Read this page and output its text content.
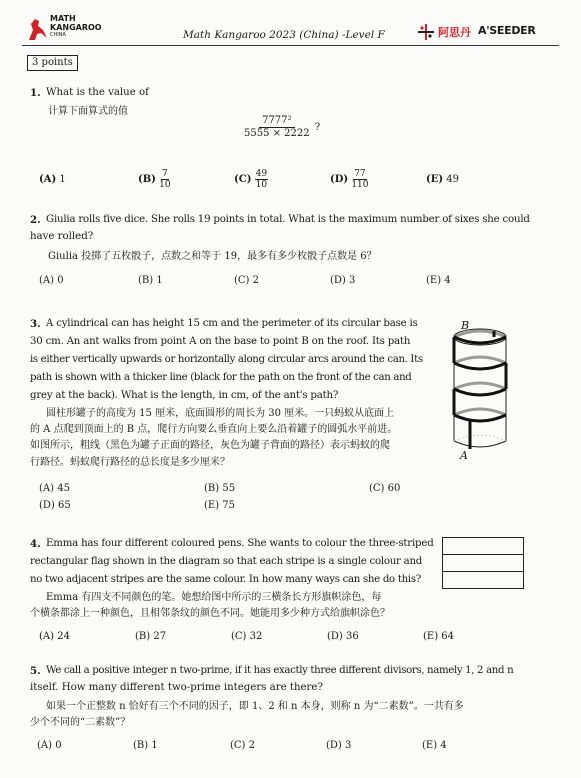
MATH
KANGAROO
CHINA	Math Kangaroo 2023 (China) -Level F	阿思丹 A'SEEDER
3 points
1. What is the value of
计算下面算式的值
$\frac{\text{7777²}}{5555 \times 2222}$ ?
(A) 1	$(B) \frac{7}{10}$	$(C) \frac{49}{10}$	$(D) \frac{77}{110}$	(E) 49
2. Giulia rolls five dice. She rolls 19 points in total. What is the maximum number of sixes she could
have rolled?
Giulia 投掷了五枚骰子，点数之和等于 19，最多有多少枚骰子点数是 6？
(A) 0	(B) 1	(C) 2	(D) 3	(E) 4
3. A cylindrical can has height 15 cm and the perimeter of its circular base is
30 cm. An ant walks from point A on the base to point B on the roof. Its path
is either vertically upwards or horizontally along circular arcs around the can. Its
path is shown with a thicker line (black for the path on the front of the can and
grey at the back). What is the length, in cm, of the ant's path?
圆柱形罐子的高度为 15 厘米，底面圆形的周长为 30 厘米。一只蚂蚁从底面上
的 A 点爬到顶面上的 B 点，爬行方向要么垂直向上要么沿着罐子的圆弧水平前进。
如图所示，粗线（黑色为罐子正面的路径，灰色为罐子背面的路径）表示蚂蚁的爬
行路径。蚂蚁爬行路径的总长度是多少厘米？
B
A
(A) 45	(B) 55	(C) 60
(D) 65	(E) 75
4. Emma has four different coloured pens. She wants to colour the three-striped
rectangular flag shown in the diagram so that each stripe is a single colour and
no two adjacent stripes are the same colour. In how many ways can she do this?
Emma 有四支不同颜色的笔。她想给图中所示的三横条长方形旗帜涂色，每
个横条都涂上一种颜色，且相邻条纹的颜色不同。她能用多少种方式给旗帜涂色？
(A) 24	(B) 27	(C) 32	(D) 36	(E) 64
5. We call a positive integer n two-prime, if it has exactly three different divisors, namely 1, 2 and n
itself. How many different two-prime integers are there?
如果一个正整数 n 恰好有三个不同的因子，即 1、2 和 n 本身，则称 n 为“二素数”。一共有多
少个不同的“二素数”？
(A) 0	(B) 1	(C) 2	(D) 3	(E) 4
